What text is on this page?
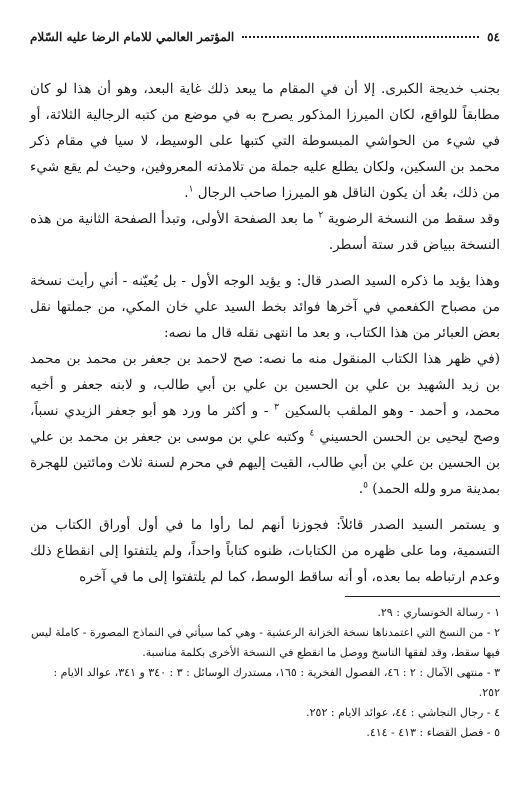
٥٤
المؤتمر العالمي للامام الرضا عليه السّلام

بجنب خديجة الكبرى. إلا أن في المقام ما يبعد ذلك غاية البعد، وهو أن هذا لو كان مطابقاً للواقع، لكان الميرزا المذكور يصرح به في موضع من كتبه الرجالية الثلاثة، أو في شيء من الحواشي المبسوطة التي كتبها على الوسيط، لا سيا في مقام ذكر محمد بن السكين، ولكان يطلع عليه جملة من تلامذته المعروفين، وحيث لم يقع شيء من ذلك، بعُد أن يكون الناقل هو الميرزا صاحب الرجال $^١$.

وقد سقط من النسخة الرضوية $^٢$ ما بعد الصفحة الأولى، وتبدأ الصفحة الثانية من هذه النسخة ببياض قدر ستة أسطر.

وهذا يؤيد ما ذكره السيد الصدر قال: و يؤيد الوجه الأول - بل يُعيّنه - أني رأيت نسخة من مصباح الكفعمي في آخرها فوائد بخط السيد علي خان المكي، من جملتها نقل بعض العبائر من هذا الكتاب، و بعد ما انتهى نقله قال ما نصه:

(في ظهر هذا الكتاب المنقول منه ما نصه: صح لاحمد بن جعفر بن محمد بن محمد بن زيد الشهيد بن علي بن الحسين بن علي بن أبي طالب، و لابنه جعفر و أخيه محمد، و أحمد - وهو الملقب بالسكين $^٣$ - و أكثر ما ورد هو أبو جعفر الزيدي نسباً، وصح ليحيى بن الحسن الحسيني $^٤$ وكتبه علي بن موسى بن جعفر بن محمد بن علي بن الحسين بن علي بن أبي طالب، القيت إليهم في محرم لسنة ثلاث ومائتين للهجرة بمدينة مرو ولله الحمد) $^٥$.

و يستمر السيد الصدر قائلاً: فجوزنا أنهم لما رأوا ما في أول أوراق الكتاب من التسمية، وما على ظهره من الكتابات، ظنوه كتاباً واحداً، ولم يلتفتوا إلى انقطاع ذلك وعدم ارتباطه بما بعده، أو أنه ساقط الوسط، كما لم يلتفتوا إلى ما في آخره

١ - رسالة الخونساري : ٢٩.
٢ - من النسخ التي اعتمدناها نسخة الخزانة الرعشية - وهي كما سيأتي في النماذج المصورة - كاملة ليس فيها سقط، وقد لفقها الناسخ ووصل ما انقطع في النسخة الأخرى بكلمة مناسبة.
٣ - منتهى الآمال : ٢ : ٤٦، الفصول الفخرية : ١٦٥، مستدرك الوسائل : ٣ : ٣٤٠ و ٣٤١، عوالد الايام : ٢٥٢.
٤ - رجال النجاشي : ٤٤، عوائد الايام : ٢٥٢.
٥ - فصل القضاء : ٤١٣ - ٤١٤.
